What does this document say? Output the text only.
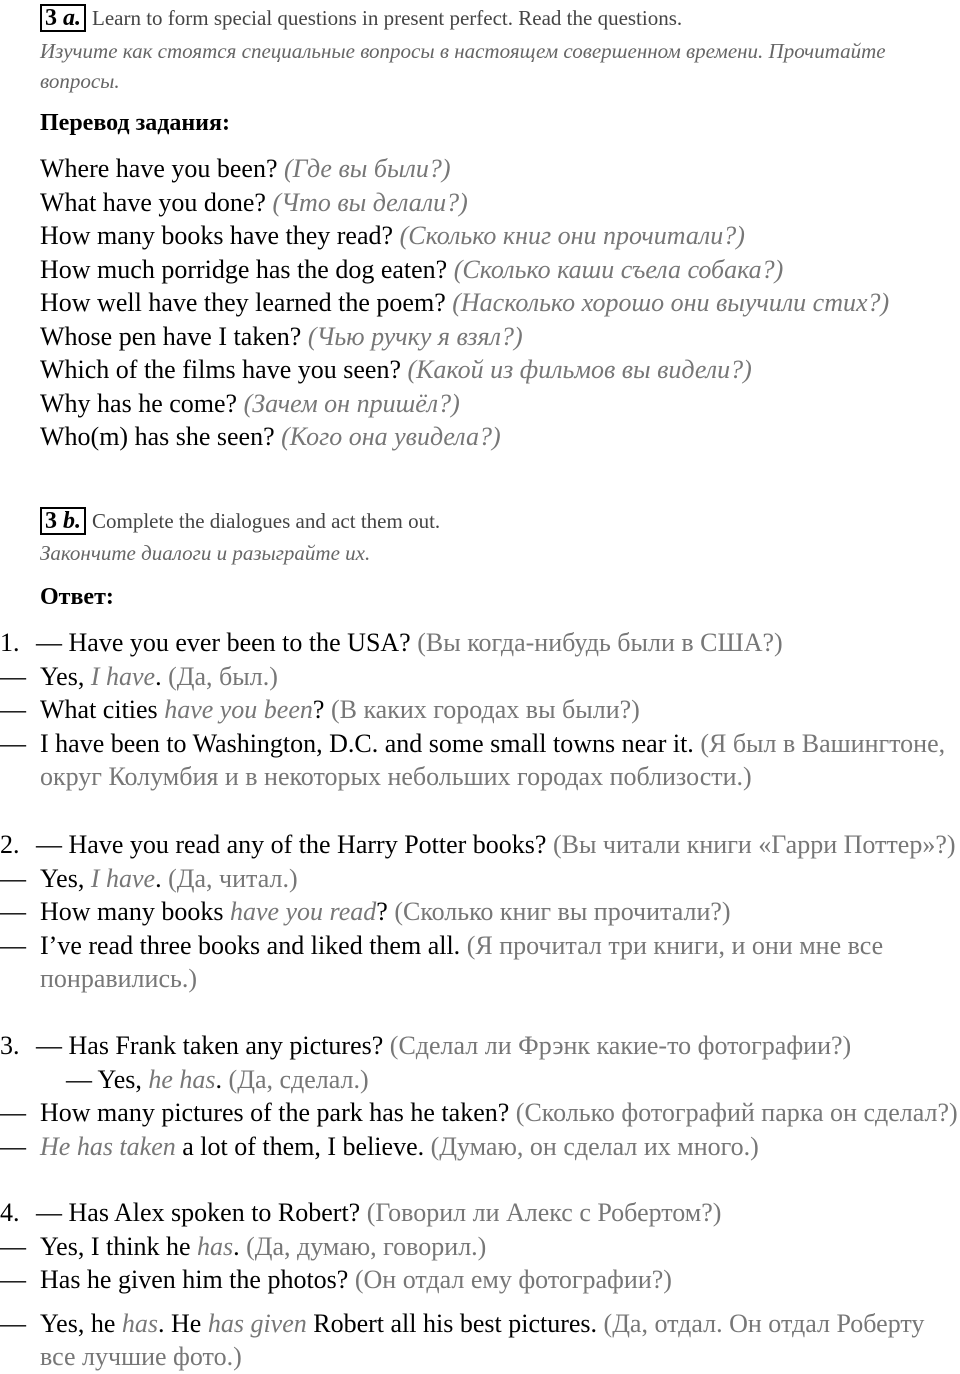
3 a. Learn to form special questions in present perfect. Read the questions.
Изучите как стоятся специальные вопросы в настоящем совершенном времени. Прочитайте вопросы.
Перевод задания:
Where have you been? (Где вы были?)
What have you done? (Что вы делали?)
How many books have they read? (Сколько книг они прочитали?)
How much porridge has the dog eaten? (Сколько каши съела собака?)
How well have they learned the poem? (Насколько хорошо они выучили стих?)
Whose pen have I taken? (Чью ручку я взял?)
Which of the films have you seen? (Какой из фильмов вы видели?)
Why has he come? (Зачем он пришёл?)
Who(m) has she seen? (Кого она увидела?)
3 b. Complete the dialogues and act them out.
Закончите диалоги и разыграйте их.
Ответ:

1. — Have you ever been to the USA? (Вы когда-нибудь были в США?)

— Yes, I have. (Да, был.)

— What cities have you been? (В каких городах вы были?)

— I have been to Washington, D.C. and some small towns near it. (Я был в Вашингтоне, округ Колумбия и в некоторых небольших городах поблизости.)

2. — Have you read any of the Harry Potter books? (Вы читали книги «Гарри Поттер»?)

— Yes, I have. (Да, читал.)

— How many books have you read? (Сколько книг вы прочитали?)

— I’ve read three books and liked them all. (Я прочитал три книги, и они мне все понравились.)

3. — Has Frank taken any pictures? (Сделал ли Фрэнк какие-то фотографии?)

— Yes, he has. (Да, сделал.)

— How many pictures of the park has he taken? (Сколько фотографий парка он сделал?)

— He has taken a lot of them, I believe. (Думаю, он сделал их много.)

4. — Has Alex spoken to Robert? (Говорил ли Алекс с Робертом?)

— Yes, I think he has. (Да, думаю, говорил.)

— Has he given him the photos? (Он отдал ему фотографии?)

— Yes, he has. He has given Robert all his best pictures. (Да, отдал. Он отдал Роберту все лучшие фото.)
